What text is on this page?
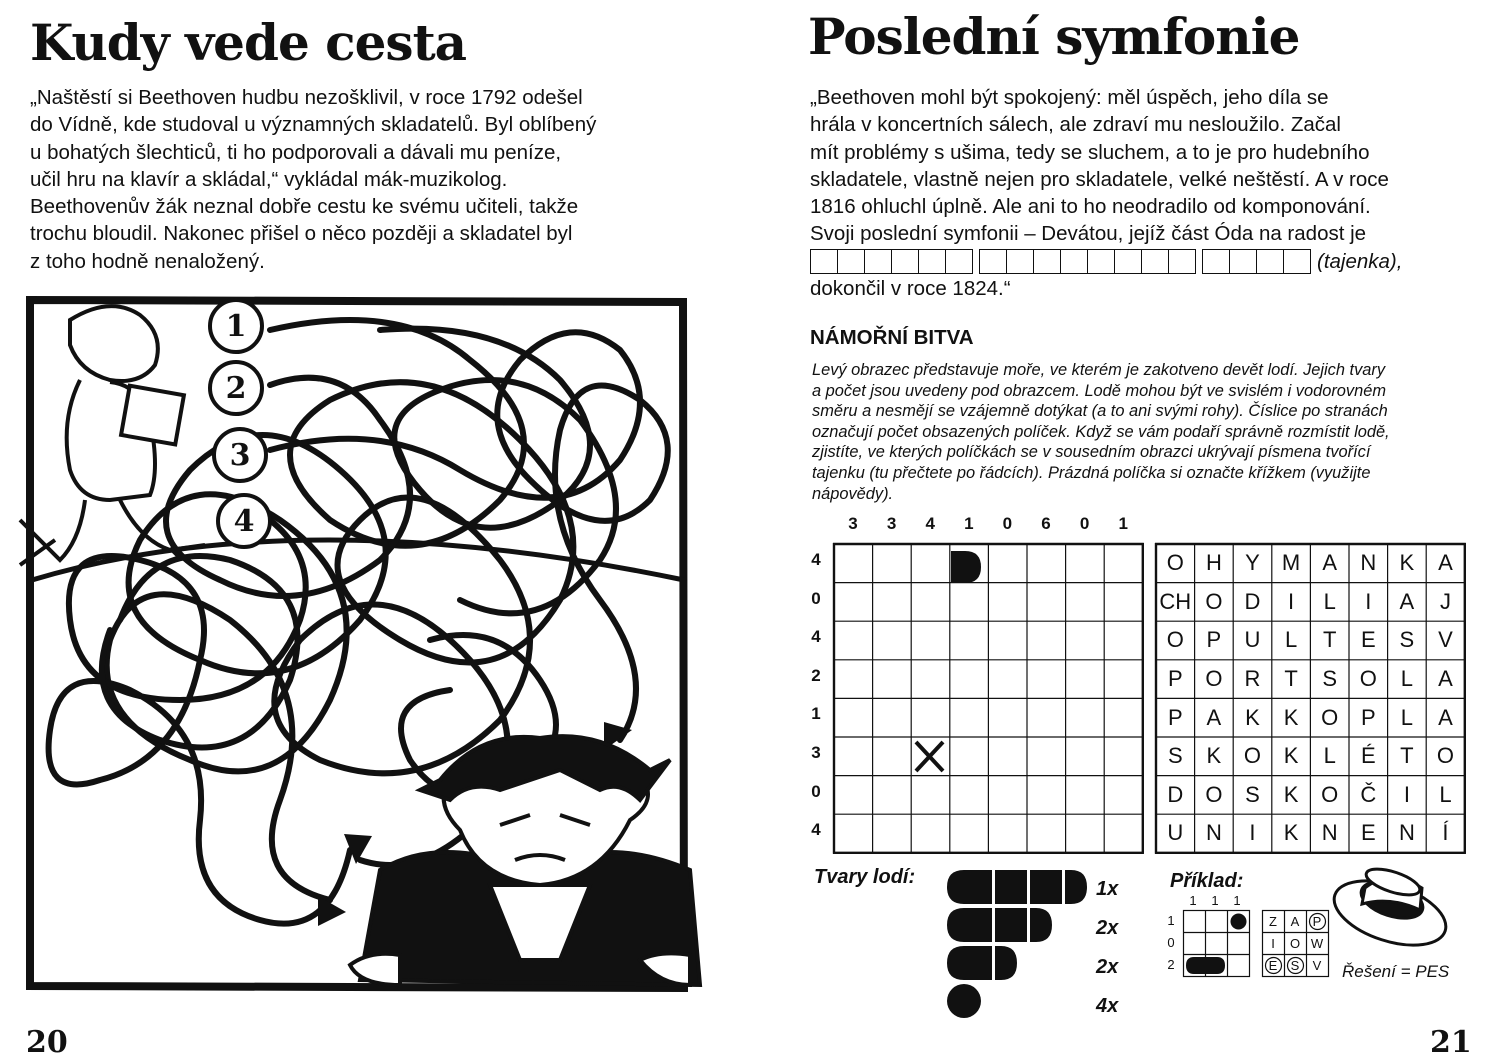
Kudy vede cesta
„Naštěstí si Beethoven hudbu nezošklivil, v roce 1792 odešel
do Vídně, kde studoval u významných skladatelů. Byl oblíbený
u bohatých šlechticů, ti ho podporovali a dávali mu peníze,
učil hru na klavír a skládal,“ vykládal mák-muzikolog.
Beethovenův žák neznal dobře cestu ke svému učiteli, takže
trochu bloudil. Nakonec přišel o něco později a skladatel byl
z toho hodně nenaložený.
1
2
3
4
20
Poslední symfonie
„Beethoven mohl být spokojený: měl úspěch, jeho díla se
hrála v koncertních sálech, ale zdraví mu nesloužilo. Začal
mít problémy s ušima, tedy se sluchem, a to je pro hudebního
skladatele, vlastně nejen pro skladatele, velké neštěstí. A v roce
1816 ohluchl úplně. Ale ani to ho neodradilo od komponování.
Svoji poslední symfonii – Devátou, jejíž část Óda na radost je
(tajenka),
dokončil v roce 1824.“
NÁMOŘNÍ BITVA
Levý obrazec představuje moře, ve kterém je zakotveno devět lodí. Jejich tvary
a počet jsou uvedeny pod obrazcem. Lodě mohou být ve svislém i vodorovném
směru a nesmějí se vzájemně dotýkat (a to ani svými rohy). Číslice po stranách
označují počet obsazených políček. Když se vám podaří správně rozmístit lodě,
zjistíte, ve kterých políčkách se v sousedním obrazci ukrývají písmena tvořící
tajenku (tu přečtete po řádcích). Prázdná políčka si označte křížkem (využijte
nápovědy).
3	3	4	1	0	6	0	1
4
0
4
2
1
3
0
4
O	H	Y	M	A	N	K	A
CH O	D	I	L	I	A	J
O	P	U	L	T	E	S	V
P	O	R	T	S	O	L	A
P	A	K	K	O	P	L	A
S	K	O	K	L	É	T	O
D	O	S	K	O	Č	I	L
U	N	I	K	N	E	N	Í
Tvary lodí:
1x
2x
2x
4x
Příklad:
1 1 1
1
0
2
Z	A	P
I	O W
E	S	V Řešení = PES
21
